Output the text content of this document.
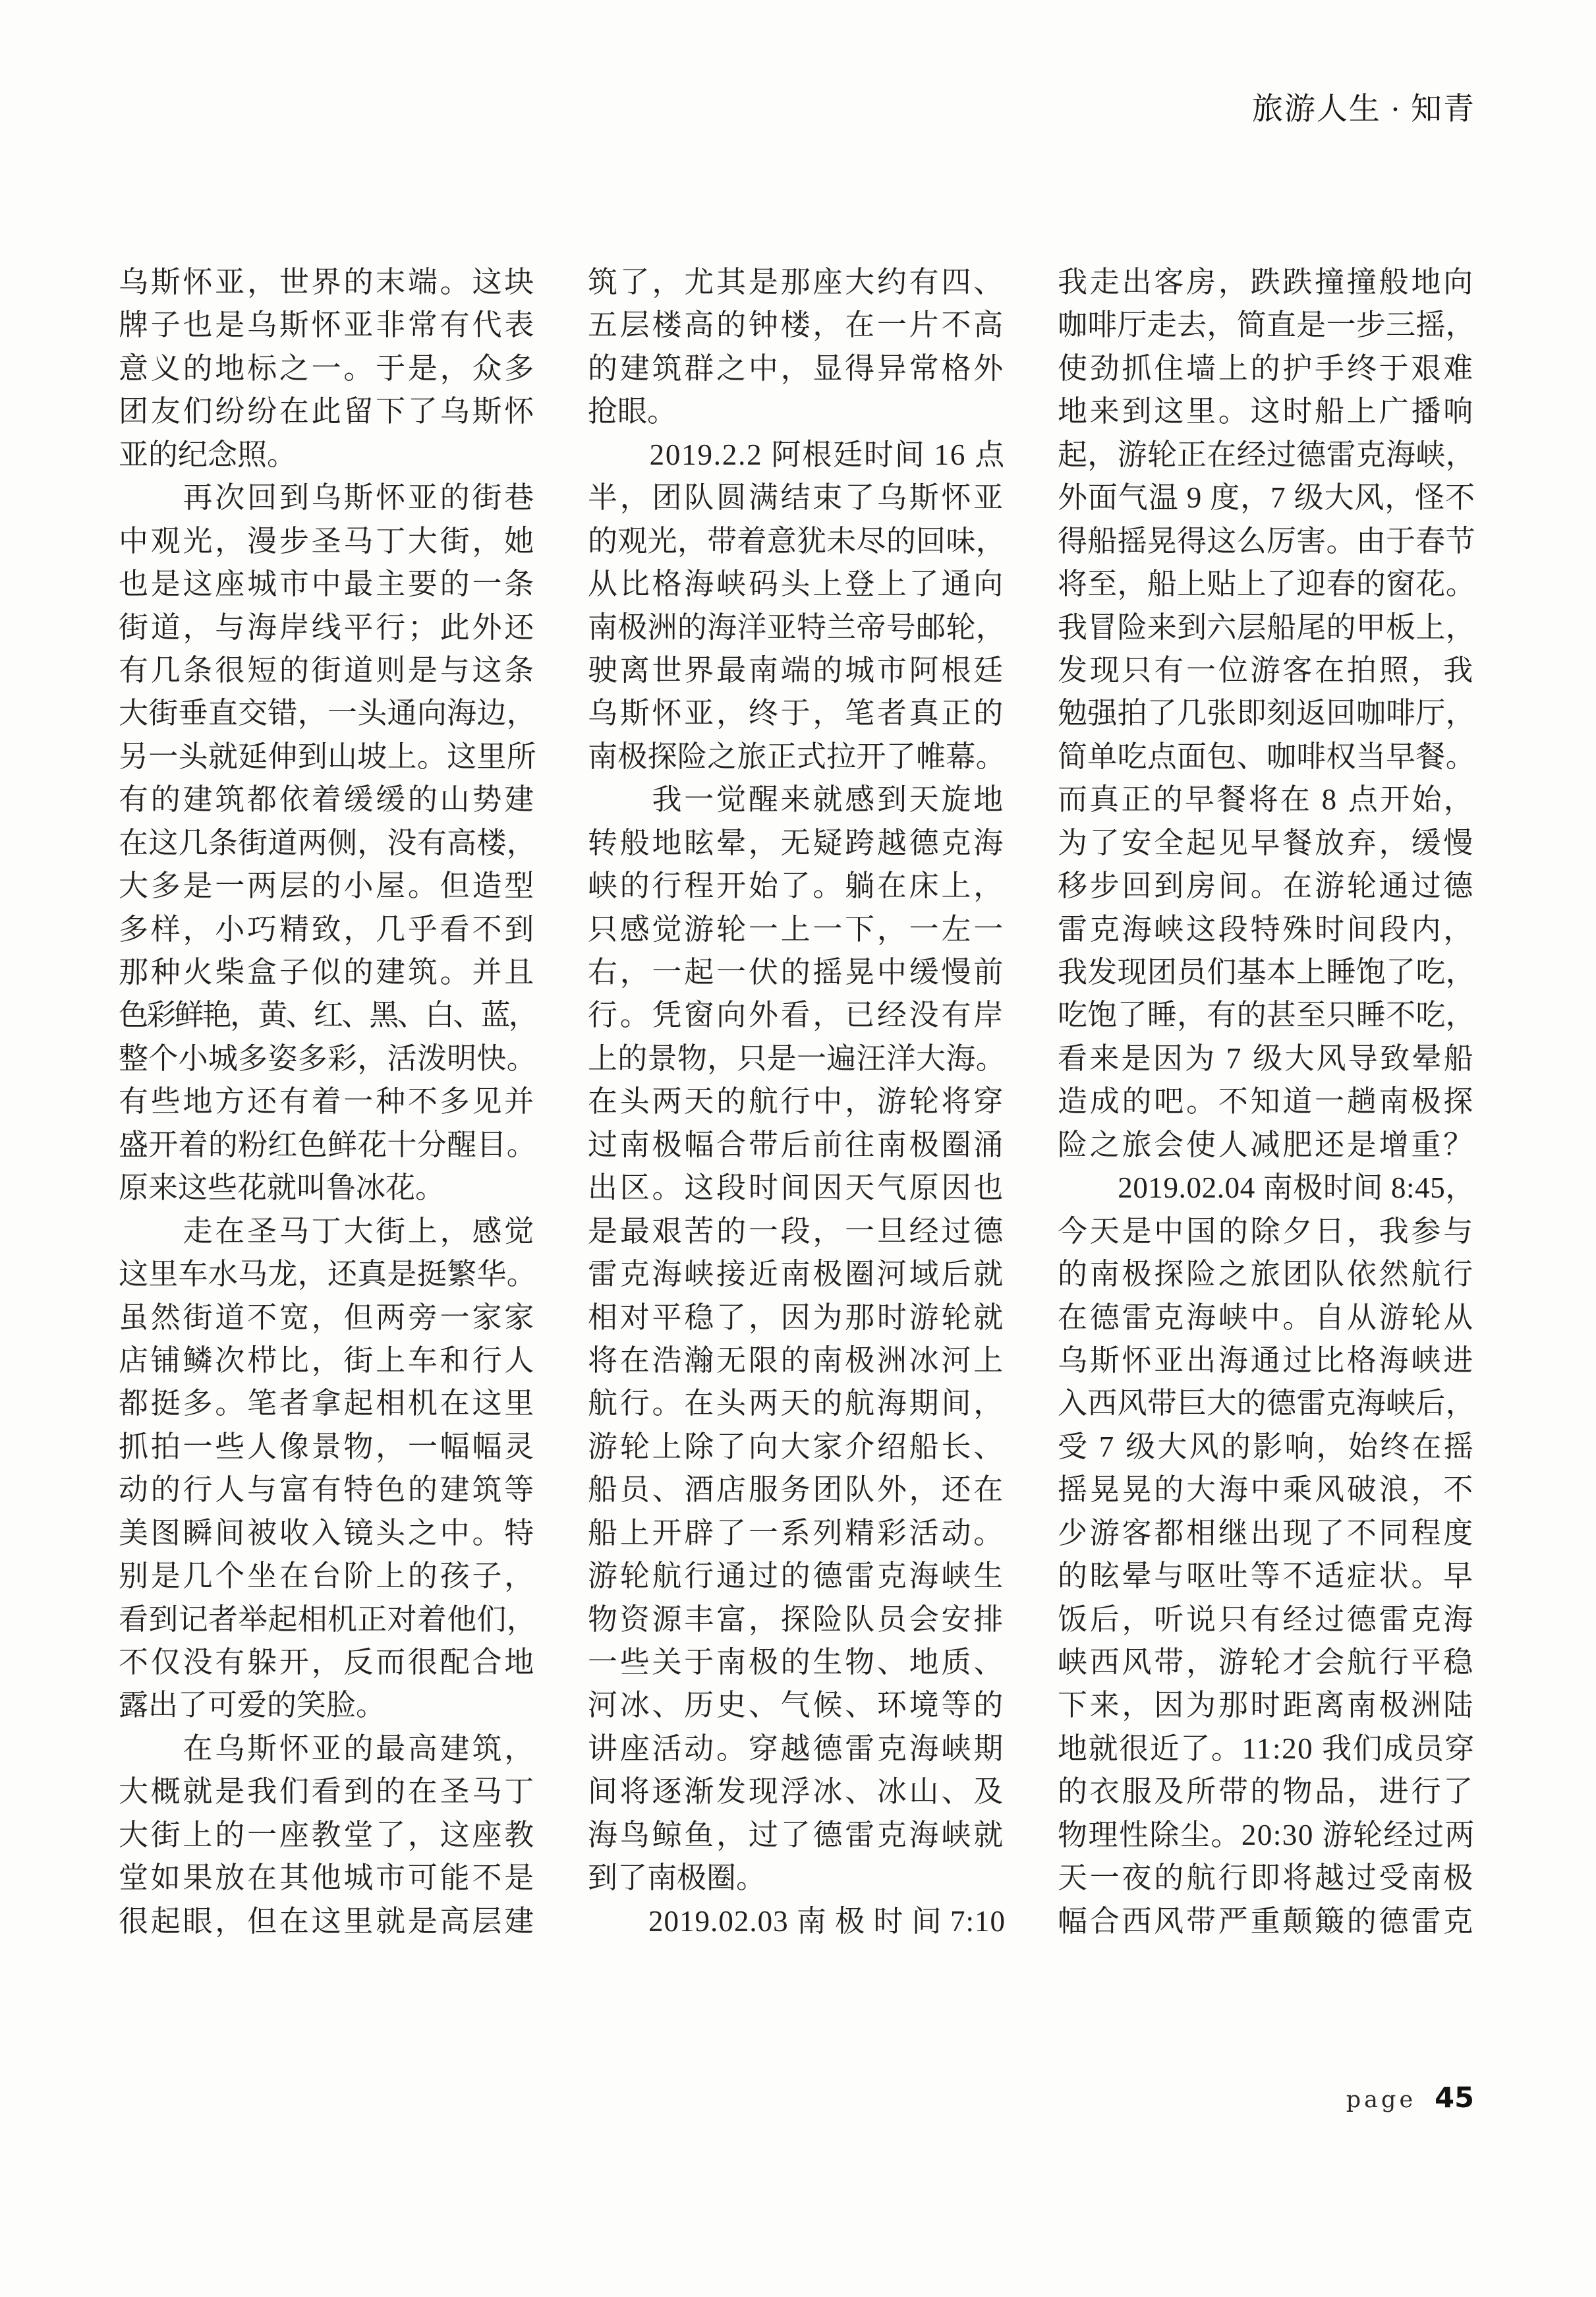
旅游人生 · 知青
乌斯怀亚，世界的末端。这块
牌子也是乌斯怀亚非常有代表
意义的地标之一。于是，众多
团友们纷纷在此留下了乌斯怀
亚的纪念照。
　　再次回到乌斯怀亚的街巷
中观光，漫步圣马丁大街，她
也是这座城市中最主要的一条
街道，与海岸线平行；此外还
有几条很短的街道则是与这条
大街垂直交错，一头通向海边，
另一头就延伸到山坡上。这里所
有的建筑都依着缓缓的山势建
在这几条街道两侧，没有高楼，
大多是一两层的小屋。但造型
多样，小巧精致，几乎看不到
那种火柴盒子似的建筑。并且
色彩鲜艳，黄、红、黑、白、蓝，
整个小城多姿多彩，活泼明快。
有些地方还有着一种不多见并
盛开着的粉红色鲜花十分醒目。
原来这些花就叫鲁冰花。
　　走在圣马丁大街上，感觉
这里车水马龙，还真是挺繁华。
虽然街道不宽，但两旁一家家
店铺鳞次栉比，街上车和行人
都挺多。笔者拿起相机在这里
抓拍一些人像景物，一幅幅灵
动的行人与富有特色的建筑等
美图瞬间被收入镜头之中。特
别是几个坐在台阶上的孩子，
看到记者举起相机正对着他们，
不仅没有躲开，反而很配合地
露出了可爱的笑脸。
　　在乌斯怀亚的最高建筑，
大概就是我们看到的在圣马丁
大街上的一座教堂了，这座教
堂如果放在其他城市可能不是
很起眼，但在这里就是高层建
筑了，尤其是那座大约有四、
五层楼高的钟楼，在一片不高
的建筑群之中，显得异常格外
抢眼。
　　2019.2.2 阿根廷时间 16 点
半，团队圆满结束了乌斯怀亚
的观光，带着意犹未尽的回味，
从比格海峡码头上登上了通向
南极洲的海洋亚特兰帝号邮轮，
驶离世界最南端的城市阿根廷
乌斯怀亚，终于，笔者真正的
南极探险之旅正式拉开了帷幕。
　　我一觉醒来就感到天旋地
转般地眩晕，无疑跨越德克海
峡的行程开始了。躺在床上，
只感觉游轮一上一下，一左一
右，一起一伏的摇晃中缓慢前
行。凭窗向外看，已经没有岸
上的景物，只是一遍汪洋大海。
在头两天的航行中，游轮将穿
过南极幅合带后前往南极圈涌
出区。这段时间因天气原因也
是最艰苦的一段，一旦经过德
雷克海峡接近南极圈河域后就
相对平稳了，因为那时游轮就
将在浩瀚无限的南极洲冰河上
航行。在头两天的航海期间，
游轮上除了向大家介绍船长、
船员、酒店服务团队外，还在
船上开辟了一系列精彩活动。
游轮航行通过的德雷克海峡生
物资源丰富，探险队员会安排
一些关于南极的生物、地质、
河冰、历史、气候、环境等的
讲座活动。穿越德雷克海峡期
间将逐渐发现浮冰、冰山、及
海鸟鲸鱼，过了德雷克海峡就
到了南极圈。
　　2019.02.03 南 极 时 间 7:10
我走出客房，跌跌撞撞般地向
咖啡厅走去，简直是一步三摇，
使劲抓住墙上的护手终于艰难
地来到这里。这时船上广播响
起，游轮正在经过德雷克海峡，
外面气温 9 度，7 级大风，怪不
得船摇晃得这么厉害。由于春节
将至，船上贴上了迎春的窗花。
我冒险来到六层船尾的甲板上，
发现只有一位游客在拍照，我
勉强拍了几张即刻返回咖啡厅，
简单吃点面包、咖啡权当早餐。
而真正的早餐将在 8 点开始，
为了安全起见早餐放弃，缓慢
移步回到房间。在游轮通过德
雷克海峡这段特殊时间段内，
我发现团员们基本上睡饱了吃，
吃饱了睡，有的甚至只睡不吃，
看来是因为 7 级大风导致晕船
造成的吧。不知道一趟南极探
险之旅会使人减肥还是增重？
　　2019.02.04 南极时间 8:45，
今天是中国的除夕日，我参与
的南极探险之旅团队依然航行
在德雷克海峡中。自从游轮从
乌斯怀亚出海通过比格海峡进
入西风带巨大的德雷克海峡后，
受 7 级大风的影响，始终在摇
摇晃晃的大海中乘风破浪，不
少游客都相继出现了不同程度
的眩晕与呕吐等不适症状。早
饭后，听说只有经过德雷克海
峡西风带，游轮才会航行平稳
下来，因为那时距离南极洲陆
地就很近了。11:20 我们成员穿
的衣服及所带的物品，进行了
物理性除尘。20:30 游轮经过两
天一夜的航行即将越过受南极
幅合西风带严重颠簸的德雷克
page 45
